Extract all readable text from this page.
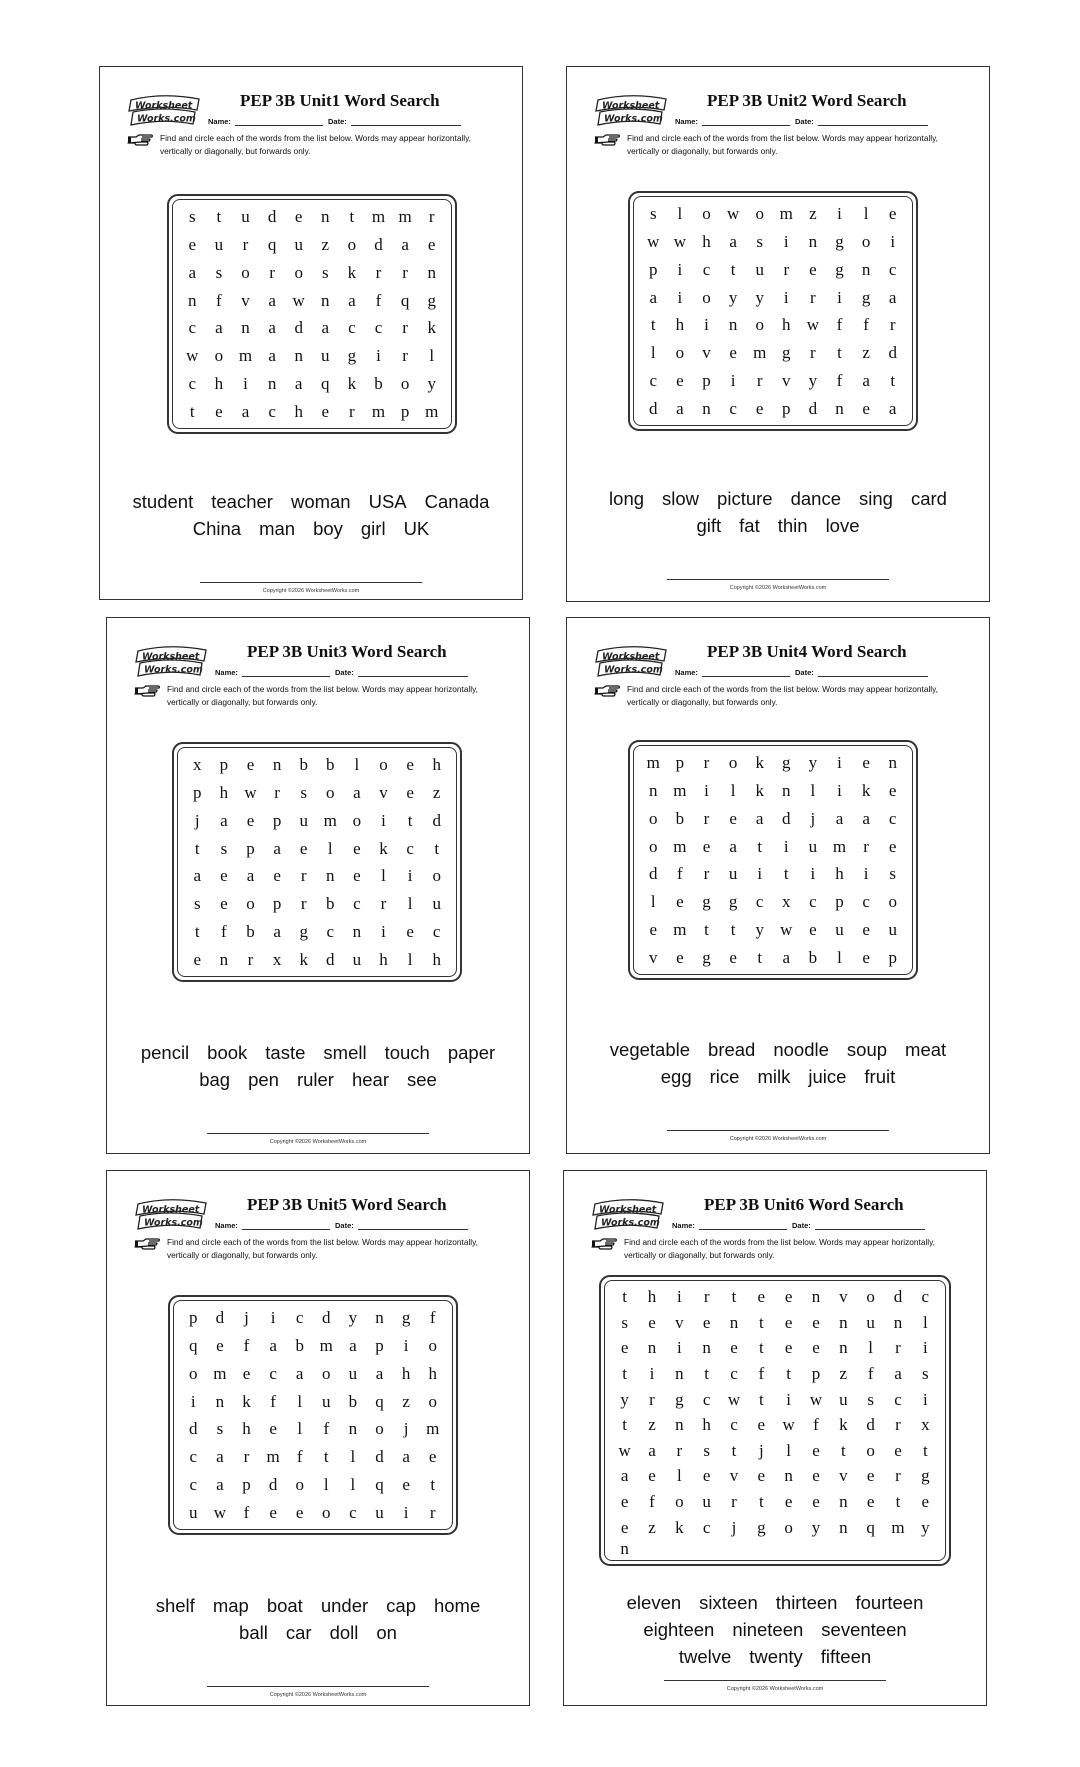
Worksheet
Works.com
PEP 3B Unit1 Word Search
Name:	Date:
Find and circle each of the words from the list below. Words may appear horizontally, vertically or diagonally, but forwards only.
s t u d e n t m m r
e u r q u z o d a e
a s o r o s k r r n
n f v a w n a f q g
c a n a d a c c r k
w o m a n u g i r l
c h i n a q k b o y
t e a c h e r m p m
student teacher woman USA Canada
China man boy girl UK
Copyright ©2026 WorksheetWorks.com
Worksheet
Works.com
PEP 3B Unit2 Word Search
Name:	Date:
Find and circle each of the words from the list below. Words may appear horizontally, vertically or diagonally, but forwards only.
s l o w o m z i l e
w w h a s i n g o i
p i c t u r e g n c
a i o y y i r i g a
t h i n o h w f f r
l o v e m g r t z d
c e p i r v y f a t
d a n c e p d n e a
long slow picture dance sing card
gift fat thin love
Copyright ©2026 WorksheetWorks.com
Worksheet
Works.com
PEP 3B Unit3 Word Search
Name:	Date:
Find and circle each of the words from the list below. Words may appear horizontally, vertically or diagonally, but forwards only.
x p e n b b l o e h
p h w r s o a v e z
j a e p u m o i t d
t s p a e l e k c t
a e a e r n e l i o
s e o p r b c r l u
t f b a g c n i e c
e n r x k d u h l h
pencil book taste smell touch paper
bag pen ruler hear see
Copyright ©2026 WorksheetWorks.com
Worksheet
Works.com
PEP 3B Unit4 Word Search
Name:	Date:
Find and circle each of the words from the list below. Words may appear horizontally, vertically or diagonally, but forwards only.
m p r o k g y i e n
n m i l k n l i k e
o b r e a d j a a c
o m e a t i u m r e
d f r u i t i h i s
l e g g c x c p c o
e m t t y w e u e u
v e g e t a b l e p
vegetable bread noodle soup meat
egg rice milk juice fruit
Copyright ©2026 WorksheetWorks.com
Worksheet
Works.com
PEP 3B Unit5 Word Search
Name:	Date:
Find and circle each of the words from the list below. Words may appear horizontally, vertically or diagonally, but forwards only.
p d j i c d y n g f
q e f a b m a p i o
o m e c a o u a h h
i n k f l u b q z o
d s h e l f n o j m
c a r m f t l d a e
c a p d o l l q e t
u w f e e o c u i r
shelf map boat under cap home
ball car doll on
Copyright ©2026 WorksheetWorks.com
Worksheet
Works.com
PEP 3B Unit6 Word Search
Name:	Date:
Find and circle each of the words from the list below. Words may appear horizontally, vertically or diagonally, but forwards only.
t h i r t e e n v o d c
s e v e n t e e n u n l
e n i n e t е e n l r i
t i n t c f t p z f a s
y r g c w t i w u s c i
t z n h c e w f k d r x
w a r s t j l e t o e t
a e l e v e n e v e r g
e f o u r t e e n e t e
e z k c j g o y n q m y
n
eleven sixteen thirteen fourteen
eighteen nineteen seventeen
twelve twenty fifteen
Copyright ©2026 WorksheetWorks.com
